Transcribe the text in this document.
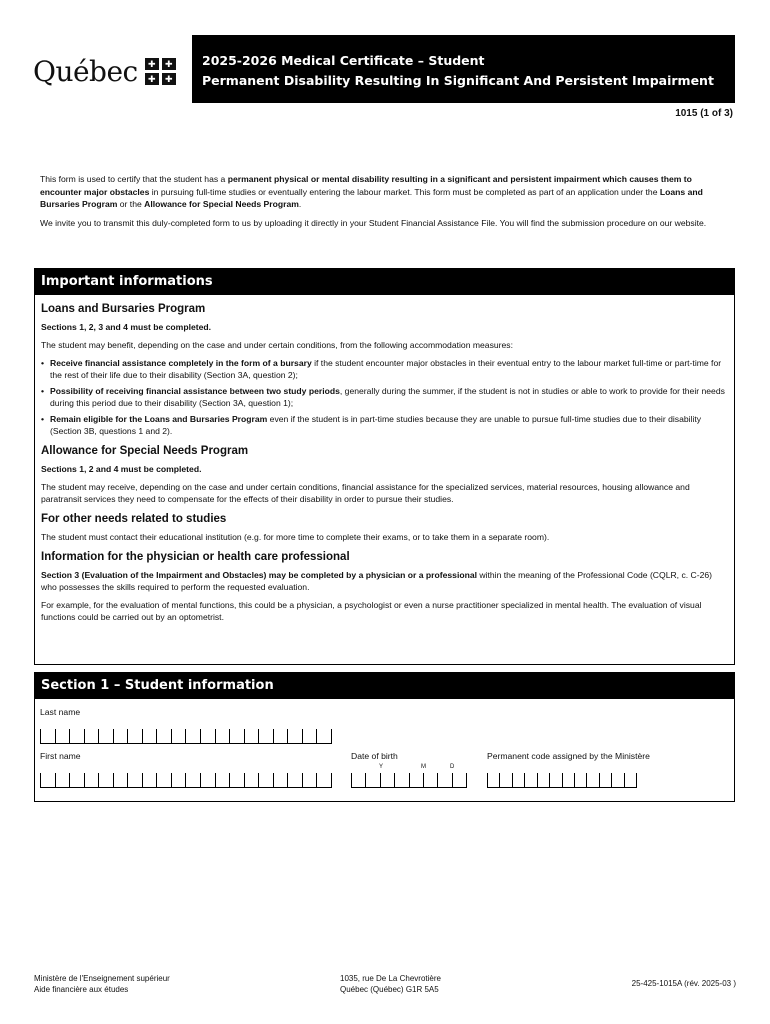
Québec	✚	✚
✚	✚
2025-2026 Medical Certificate – Student
Permanent Disability Resulting In Significant And Persistent Impairment
1015 (1 of 3)

This form is used to certify that the student has a permanent physical or mental disability resulting in a significant and persistent impairment which causes them to encounter major obstacles in pursuing full-time studies or eventually entering the labour market. This form must be completed as part of an application under the Loans and Bursaries Program or the Allowance for Special Needs Program.

We invite you to transmit this duly-completed form to us by uploading it directly in your Student Financial Assistance File. You will find the submission procedure on our website.

Important informations
Loans and Bursaries Program
Sections 1, 2, 3 and 4 must be completed.
The student may benefit, depending on the case and under certain conditions, from the following accommodation measures:
• Receive financial assistance completely in the form of a bursary if the student encounter major obstacles in their eventual entry to the labour market full-time or part-time for the rest of their life due to their disability (Section 3A, question 2);
• Possibility of receiving financial assistance between two study periods, generally during the summer, if the student is not in studies or able to work to provide for their needs during this period due to their disability (Section 3A, question 1);
• Remain eligible for the Loans and Bursaries Program even if the student is in part-time studies because they are unable to pursue full-time studies due to their disability (Section 3B, questions 1 and 2).
Allowance for Special Needs Program
Sections 1, 2 and 4 must be completed.
The student may receive, depending on the case and under certain conditions, financial assistance for the specialized services, material resources, housing allowance and paratransit services they need to compensate for the effects of their disability in order to pursue their studies.
For other needs related to studies
The student must contact their educational institution (e.g. for more time to complete their exams, or to take them in a separate room).
Information for the physician or health care professional
Section 3 (Evaluation of the Impairment and Obstacles) may be completed by a physician or a professional within the meaning of the Professional Code (CQLR, c. C-26) who possesses the skills required to perform the requested evaluation.
For example, for the evaluation of mental functions, this could be a physician, a psychologist or even a nurse practitioner specialized in mental health. The evaluation of visual functions could be carried out by an optometrist.
Section 1 – Student information
Last name
First name	Date of birth
Y	M	D
Permanent code assigned by the Ministère
Ministère de l'Enseignement supérieur
Aide financière aux études
1035, rue De La Chevrotière
Québec (Québec) G1R 5A5
25-425-1015A (rév. 2025-03 )
